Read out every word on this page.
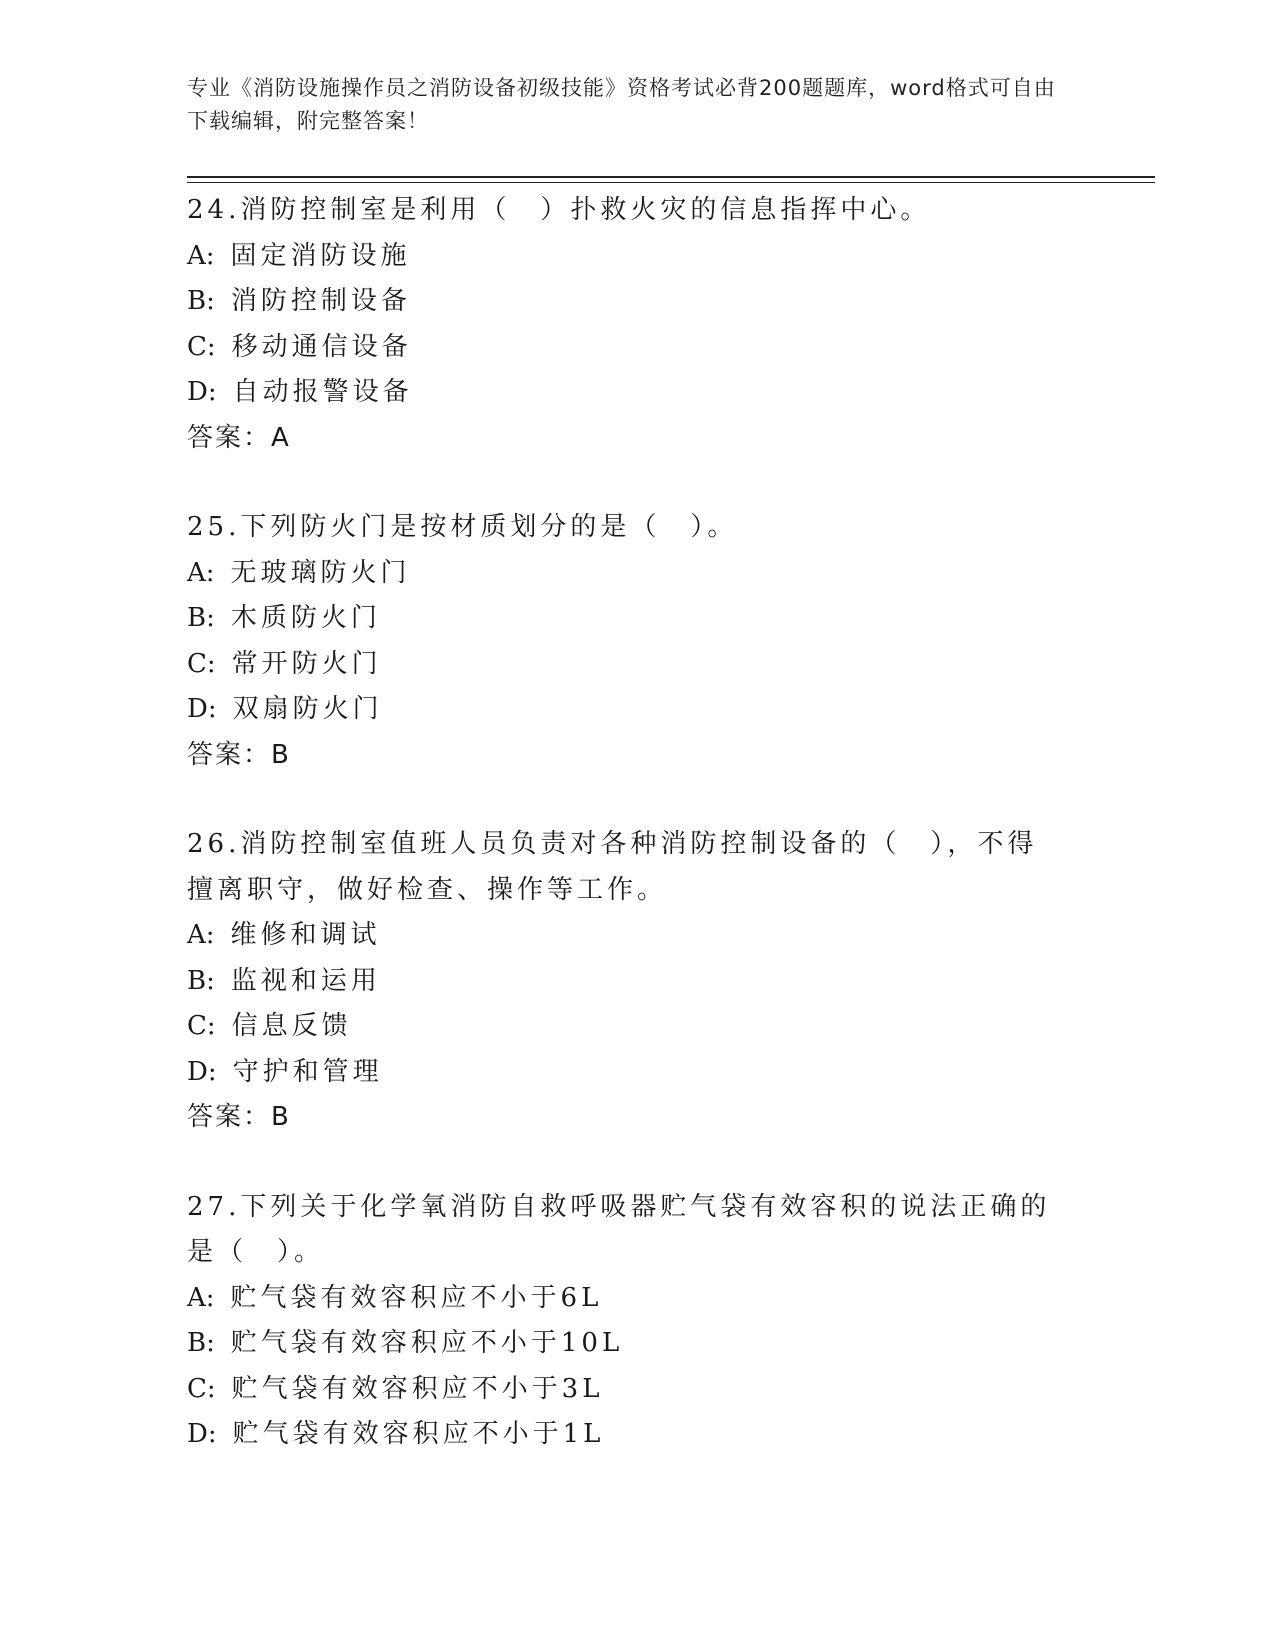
专业《消防设施操作员之消防设备初级技能》资格考试必背200题题库，word格式可自由下载编辑，附完整答案！
24.消防控制室是利用（　）扑救火灾的信息指挥中心。
A: 固定消防设施
B: 消防控制设备
C: 移动通信设备
D: 自动报警设备
答案：A
25.下列防火门是按材质划分的是（　）。
A: 无玻璃防火门
B: 木质防火门
C: 常开防火门
D: 双扇防火门
答案：B
26.消防控制室值班人员负责对各种消防控制设备的（　），不得擅离职守，做好检查、操作等工作。
A: 维修和调试
B: 监视和运用
C: 信息反馈
D: 守护和管理
答案：B
27.下列关于化学氧消防自救呼吸器贮气袋有效容积的说法正确的是（　）。
A: 贮气袋有效容积应不小于6L
B: 贮气袋有效容积应不小于10L
C: 贮气袋有效容积应不小于3L
D: 贮气袋有效容积应不小于1L
